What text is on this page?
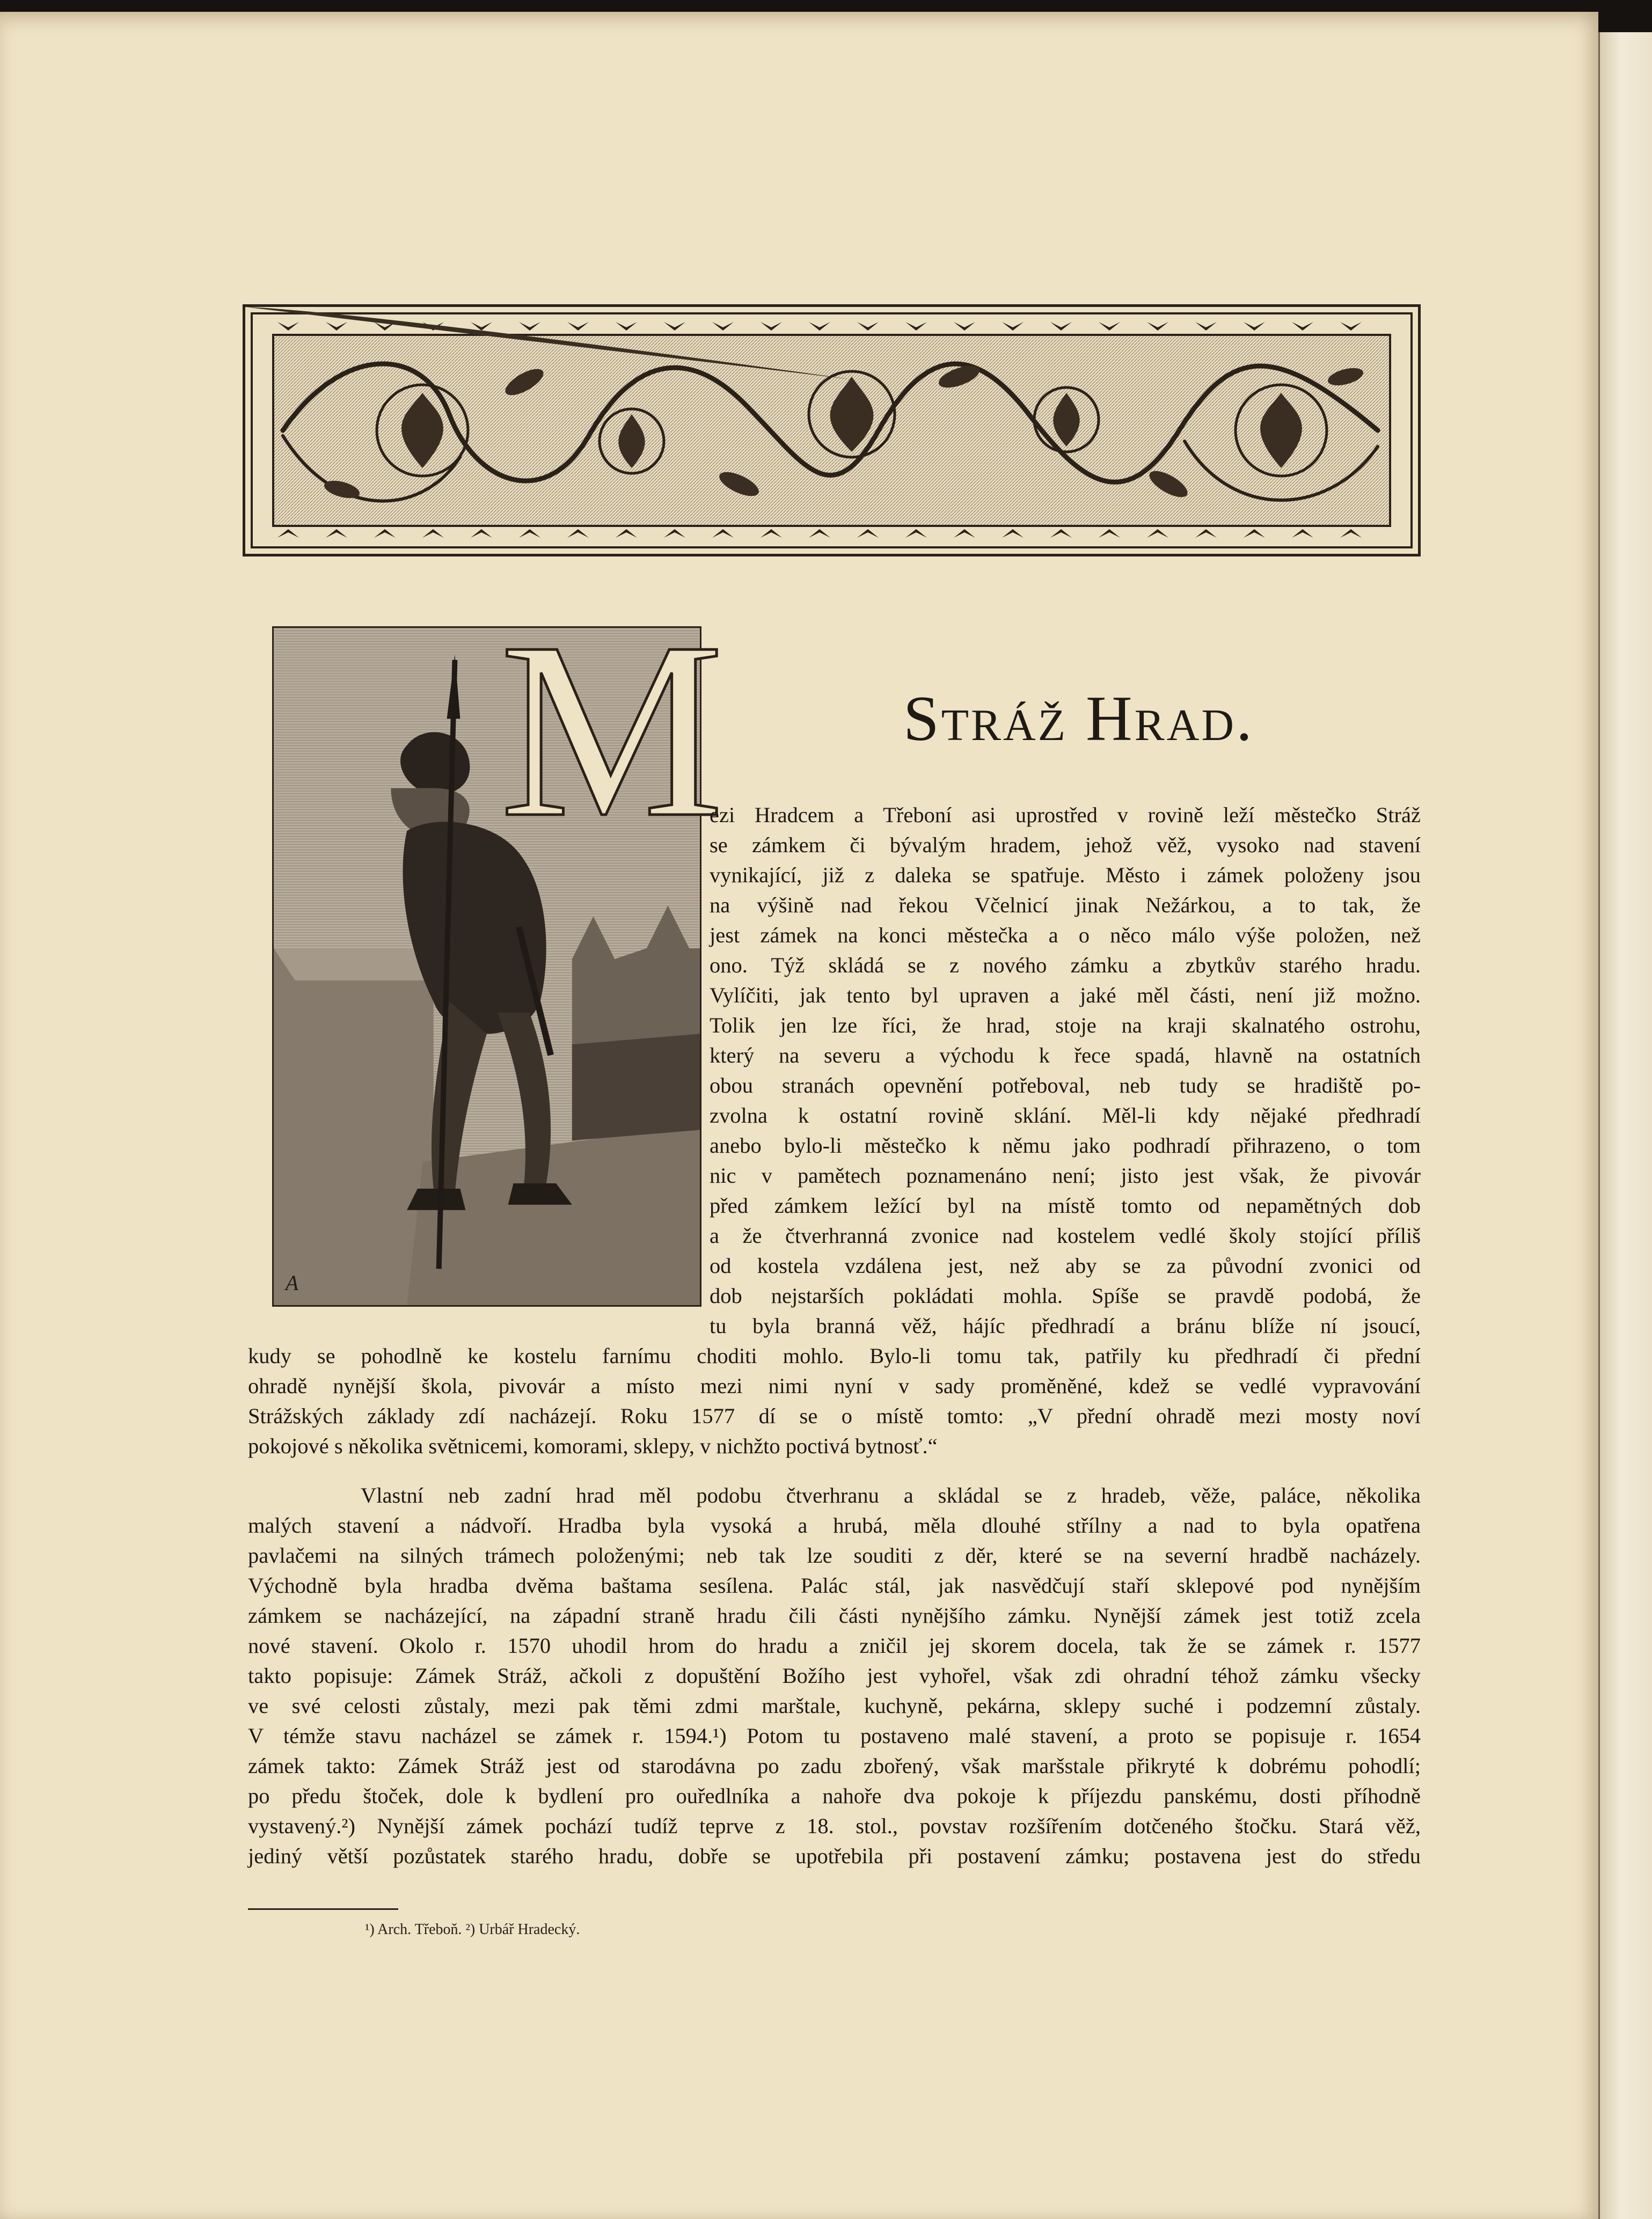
A
M	Stráž Hrad.
ezi Hradcem a Třeboní asi uprostřed v rovině leží městečko Stráž
se zámkem či bývalým hradem, jehož věž, vysoko nad stavení
vynikající, již z daleka se spatřuje. Město i zámek položeny jsou
na výšině nad řekou Včelnicí jinak Nežárkou, a to tak, že
jest zámek na konci městečka a o něco málo výše položen, než
ono. Týž skládá se z nového zámku a zbytkův starého hradu.
Vylíčiti, jak tento byl upraven a jaké měl části, není již možno.
Tolik jen lze říci, že hrad, stoje na kraji skalnatého ostrohu,
který na severu a východu k řece spadá, hlavně na ostatních
obou stranách opevnění potřeboval, neb tudy se hradiště po-
zvolna k ostatní rovině sklání. Měl-li kdy nějaké předhradí
anebo bylo-li městečko k němu jako podhradí přihrazeno, o tom
nic v pamětech poznamenáno není; jisto jest však, že pivovár
před zámkem ležící byl na místě tomto od nepamětných dob
a že čtverhranná zvonice nad kostelem vedlé školy stojící příliš
od kostela vzdálena jest, než aby se za původní zvonici od
dob nejstarších pokládati mohla. Spíše se pravdě podobá, že
tu byla branná věž, hájíc předhradí a bránu blíže ní jsoucí,
kudy se pohodlně ke kostelu farnímu choditi mohlo. Bylo-li tomu tak, patřily ku předhradí či přední
ohradě nynější škola, pivovár a místo mezi nimi nyní v sady proměněné, kdež se vedlé vypravování
Strážských základy zdí nacházejí. Roku 1577 dí se o místě tomto: „V přední ohradě mezi mosty noví
pokojové s několika světnicemi, komorami, sklepy, v nichžto poctivá bytnosť.“
Vlastní neb zadní hrad měl podobu čtverhranu a skládal se z hradeb, věže, paláce, několika
malých stavení a nádvoří. Hradba byla vysoká a hrubá, měla dlouhé střílny a nad to byla opatřena
pavlačemi na silných trámech položenými; neb tak lze souditi z děr, které se na severní hradbě nacházely.
Východně byla hradba dvěma baštama sesílena. Palác stál, jak nasvědčují staří sklepové pod nynějším
zámkem se nacházející, na západní straně hradu čili části nynějšího zámku. Nynější zámek jest totiž zcela
nové stavení. Okolo r. 1570 uhodil hrom do hradu a zničil jej skorem docela, tak že se zámek r. 1577
takto popisuje: Zámek Stráž, ačkoli z dopuštění Božího jest vyhořel, však zdi ohradní téhož zámku všecky
ve své celosti zůstaly, mezi pak těmi zdmi marštale, kuchyně, pekárna, sklepy suché i podzemní zůstaly.
V témže stavu nacházel se zámek r. 1594.¹) Potom tu postaveno malé stavení, a proto se popisuje r. 1654
zámek takto: Zámek Stráž jest od starodávna po zadu zbořený, však maršstale přikryté k dobrému pohodlí;
po předu štoček, dole k bydlení pro ouředlníka a nahoře dva pokoje k příjezdu panskému, dosti příhodně
vystavený.²) Nynější zámek pochází tudíž teprve z 18. stol., povstav rozšířením dotčeného štočku. Stará věž,
jediný větší pozůstatek starého hradu, dobře se upotřebila při postavení zámku; postavena jest do středu
¹) Arch. Třeboň. ²) Urbář Hradecký.
